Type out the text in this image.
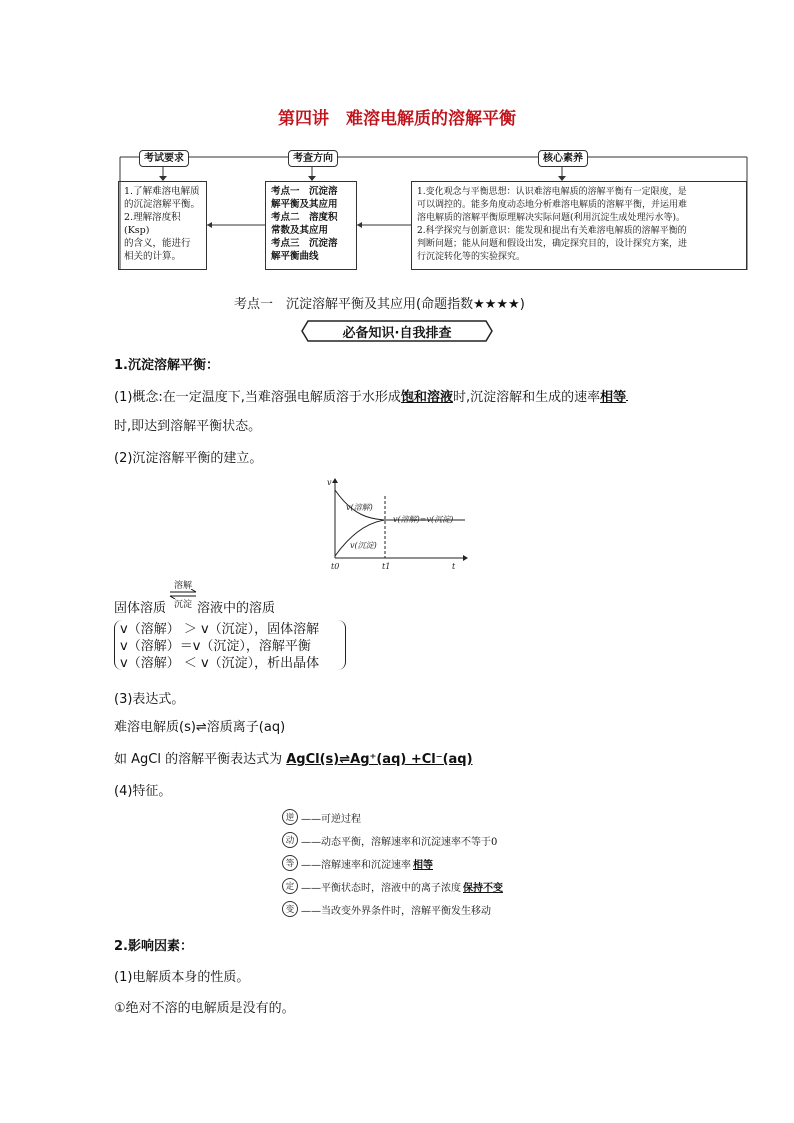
第四讲　难溶电解质的溶解平衡
考试要求	考查方向	核心素养
1.了解难溶电解质
的沉淀溶解平衡。
2.理解溶度积(Ksp)
的含义，能进行
相关的计算。
考点一　沉淀溶
解平衡及其应用
考点二　溶度积
常数及其应用
考点三　沉淀溶
解平衡曲线
1.变化观念与平衡思想：认识难溶电解质的溶解平衡有一定限度，是
可以调控的。能多角度动态地分析难溶电解质的溶解平衡，并运用难
溶电解质的溶解平衡原理解决实际问题(利用沉淀生成处理污水等)。
2.科学探究与创新意识：能发现和提出有关难溶电解质的溶解平衡的
判断问题；能从问题和假设出发，确定探究目的，设计探究方案，进
行沉淀转化等的实验探究。
考点一　沉淀溶解平衡及其应用(命题指数★★★★)
必备知识·自我排查
1.沉淀溶解平衡：
(1)概念:在一定温度下,当难溶强电解质溶于水形成饱和溶液时,沉淀溶解和生成的速率相等
时,即达到溶解平衡状态。
(2)沉淀溶解平衡的建立。
v
t
t0	t1
v(溶解)
v(沉淀)
v(溶解)=v(沉淀)
固体溶质
溶解
沉淀 溶液中的溶质
v（溶解） ＞ v（沉淀），固体溶解
v（溶解）＝v（沉淀），溶解平衡
v（溶解） ＜ v（沉淀），析出晶体
(3)表达式。
难溶电解质(s)⇌溶质离子(aq)
如 AgCl 的溶解平衡表达式为 AgCl(s)⇌Ag⁺(aq) +Cl⁻(aq)
(4)特征。
逆 ——可逆过程
动 ——动态平衡，溶解速率和沉淀速率不等于0
等 ——溶解速率和沉淀速率 相等
定 ——平衡状态时，溶液中的离子浓度 保持不变
变 ——当改变外界条件时，溶解平衡发生移动
2.影响因素：
(1)电解质本身的性质。
①绝对不溶的电解质是没有的。
